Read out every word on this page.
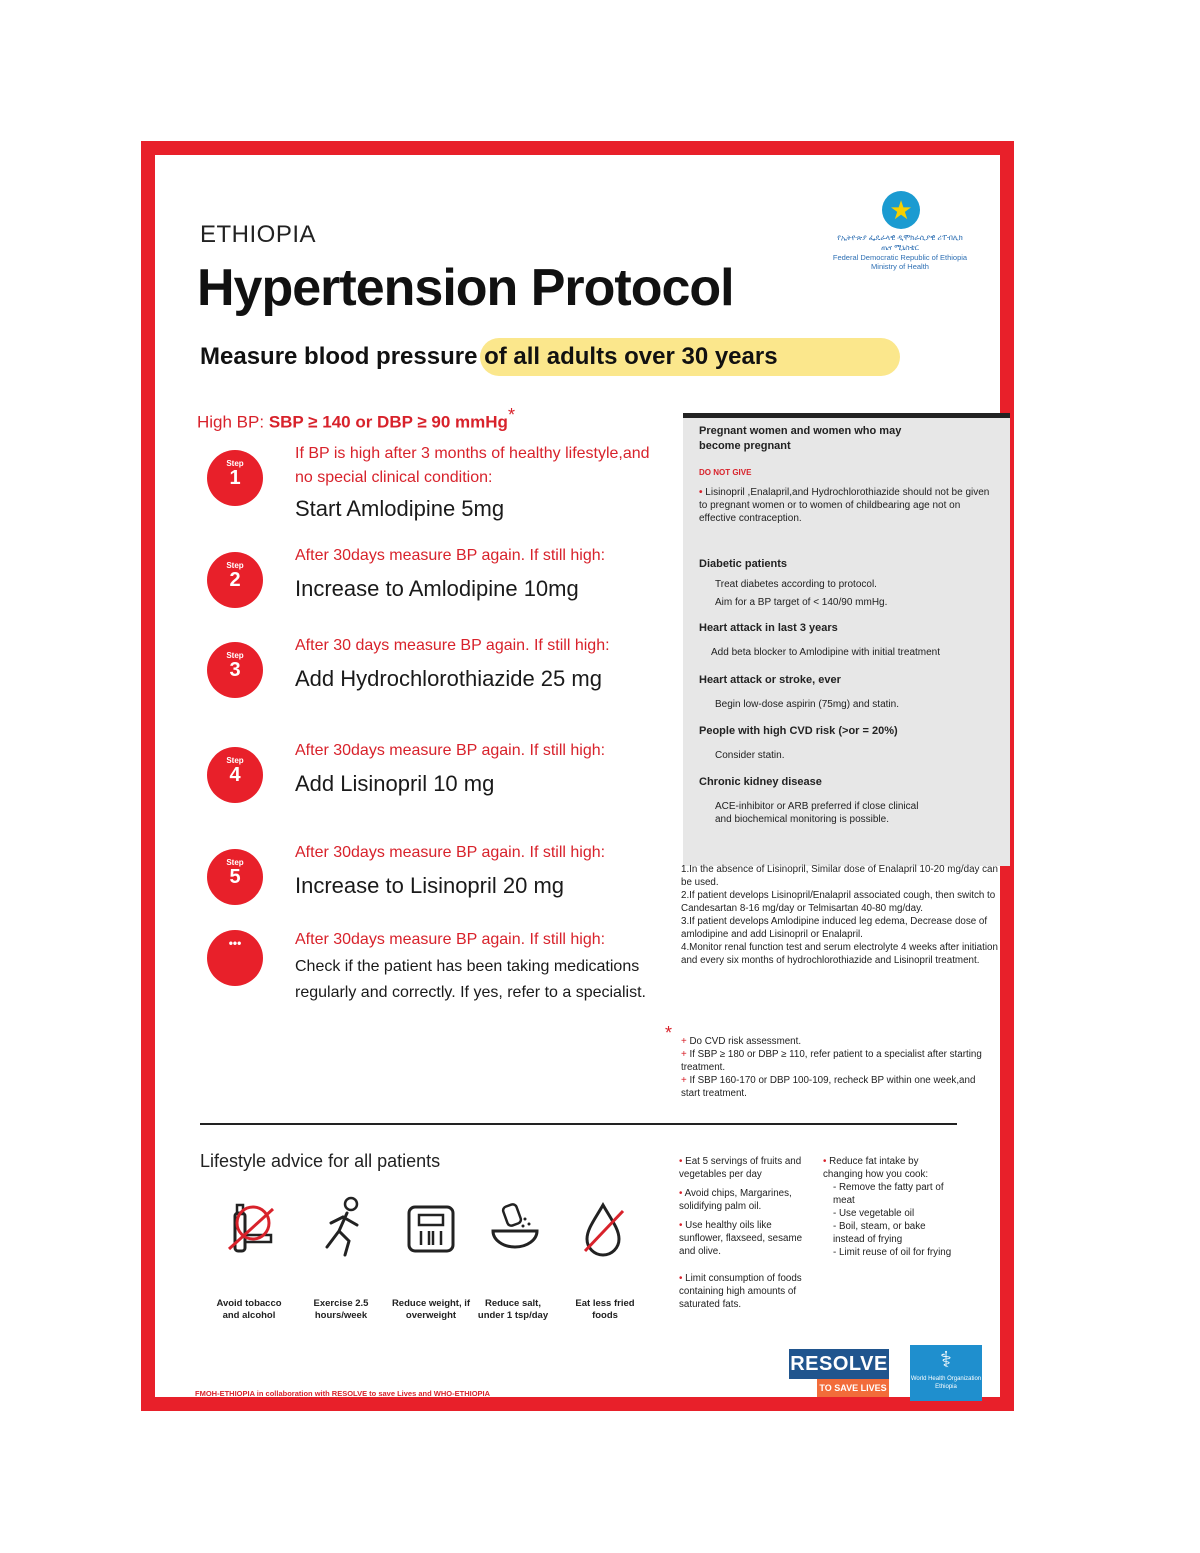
ETHIOPIA
Hypertension Protocol
★
የኢትዮጵያ ፌዴራላዊ ዲሞክራሲያዊ ሪፐብሊክ
ጤና ሚኒስቴር
Federal Democratic Republic of Ethiopia
Ministry of Health
Measure blood pressure of all adults over 30 years
High BP: SBP ≥ 140 or DBP ≥ 90 mmHg*
Step
1
If BP is high after 3 months of healthy lifestyle,and no special clinical condition:
Start Amlodipine 5mg
Step
2
After 30days measure BP again. If still high:
Increase to Amlodipine 10mg
Step
3
After 30 days measure BP again. If still high:
Add Hydrochlorothiazide 25 mg
Step
4
After 30days measure BP again. If still high:
Add Lisinopril 10 mg
Step
5
After 30days measure BP again. If still high:
Increase to Lisinopril 20 mg
•••	After 30days measure BP again. If still high:
Check if the patient has been taking medications regularly and correctly. If yes, refer to a specialist.
Pregnant women and women who may become pregnant
DO NOT GIVE
• Lisinopril ,Enalapril,and Hydrochlorothiazide should not be given to pregnant women or to women of childbearing age not on effective contraception.
Diabetic patients
Treat diabetes according to protocol.
Aim for a BP target of < 140/90 mmHg.
Heart attack in last 3 years
Add beta blocker to Amlodipine with initial treatment
Heart attack or stroke, ever
Begin low-dose aspirin (75mg) and statin.
People with high CVD risk (>or = 20%)
Consider statin.
Chronic kidney disease
ACE-inhibitor or ARB preferred if close clinical and biochemical monitoring is possible.
1.In the absence of Lisinopril, Similar dose of Enalapril 10-20 mg/day can be used.
2.If patient develops Lisinopril/Enalapril associated cough, then switch to Candesartan 8-16 mg/day or Telmisartan 40-80 mg/day.
3.If patient develops Amlodipine induced leg edema, Decrease dose of amlodipine and add Lisinopril or Enalapril.
4.Monitor renal function test and serum electrolyte 4 weeks after initiation and every six months of hydrochlorothiazide and Lisinopril treatment.
* + Do CVD risk assessment.
+ If SBP ≥ 180 or DBP ≥ 110, refer patient to a specialist after starting treatment.
+ If SBP 160-170 or DBP 100-109, recheck BP within one week,and start treatment.
Lifestyle advice for all patients
Avoid tobacco and alcohol
Exercise 2.5 hours/week
Reduce weight, if overweight
Reduce salt, under 1 tsp/day
Eat less fried foods
• Eat 5 servings of fruits and vegetables per day
• Avoid chips, Margarines, solidifying palm oil.
• Use healthy oils like sunflower, flaxseed, sesame and olive.
• Limit consumption of foods containing high amounts of saturated fats.
• Reduce fat intake by changing how you cook:
- Remove the fatty part of meat
- Use vegetable oil
- Boil, steam, or bake instead of frying
- Limit reuse of oil for frying
RESOLVE
TO SAVE LIVES
⚕
World Health Organization
Ethiopia
FMOH-ETHIOPIA in collaboration with RESOLVE to save Lives and WHO-ETHIOPIA
